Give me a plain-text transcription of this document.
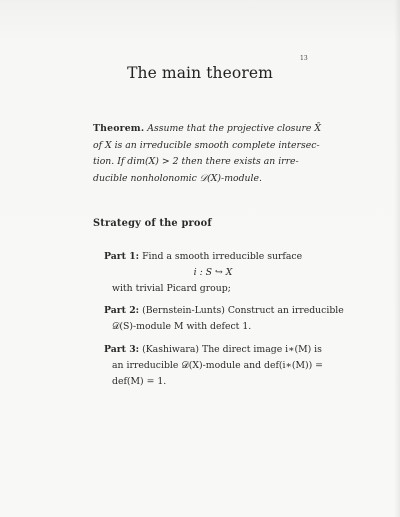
13
The main theorem
Theorem. Assume that the projective closure X̄
of X is an irreducible smooth complete intersec-
tion. If dim(X) > 2 then there exists an irre-
ducible nonholonomic 𝒟(X)-module.
Strategy of the proof
Part 1: Find a smooth irreducible surface
i : S ↪ X
with trivial Picard group;
Part 2: (Bernstein-Lunts) Construct an irreducible
𝒟(S)-module M with defect 1.
Part 3: (Kashiwara) The direct image i∗(M) is
an irreducible 𝒟(X)-module and def(i∗(M)) =
def(M) = 1.
